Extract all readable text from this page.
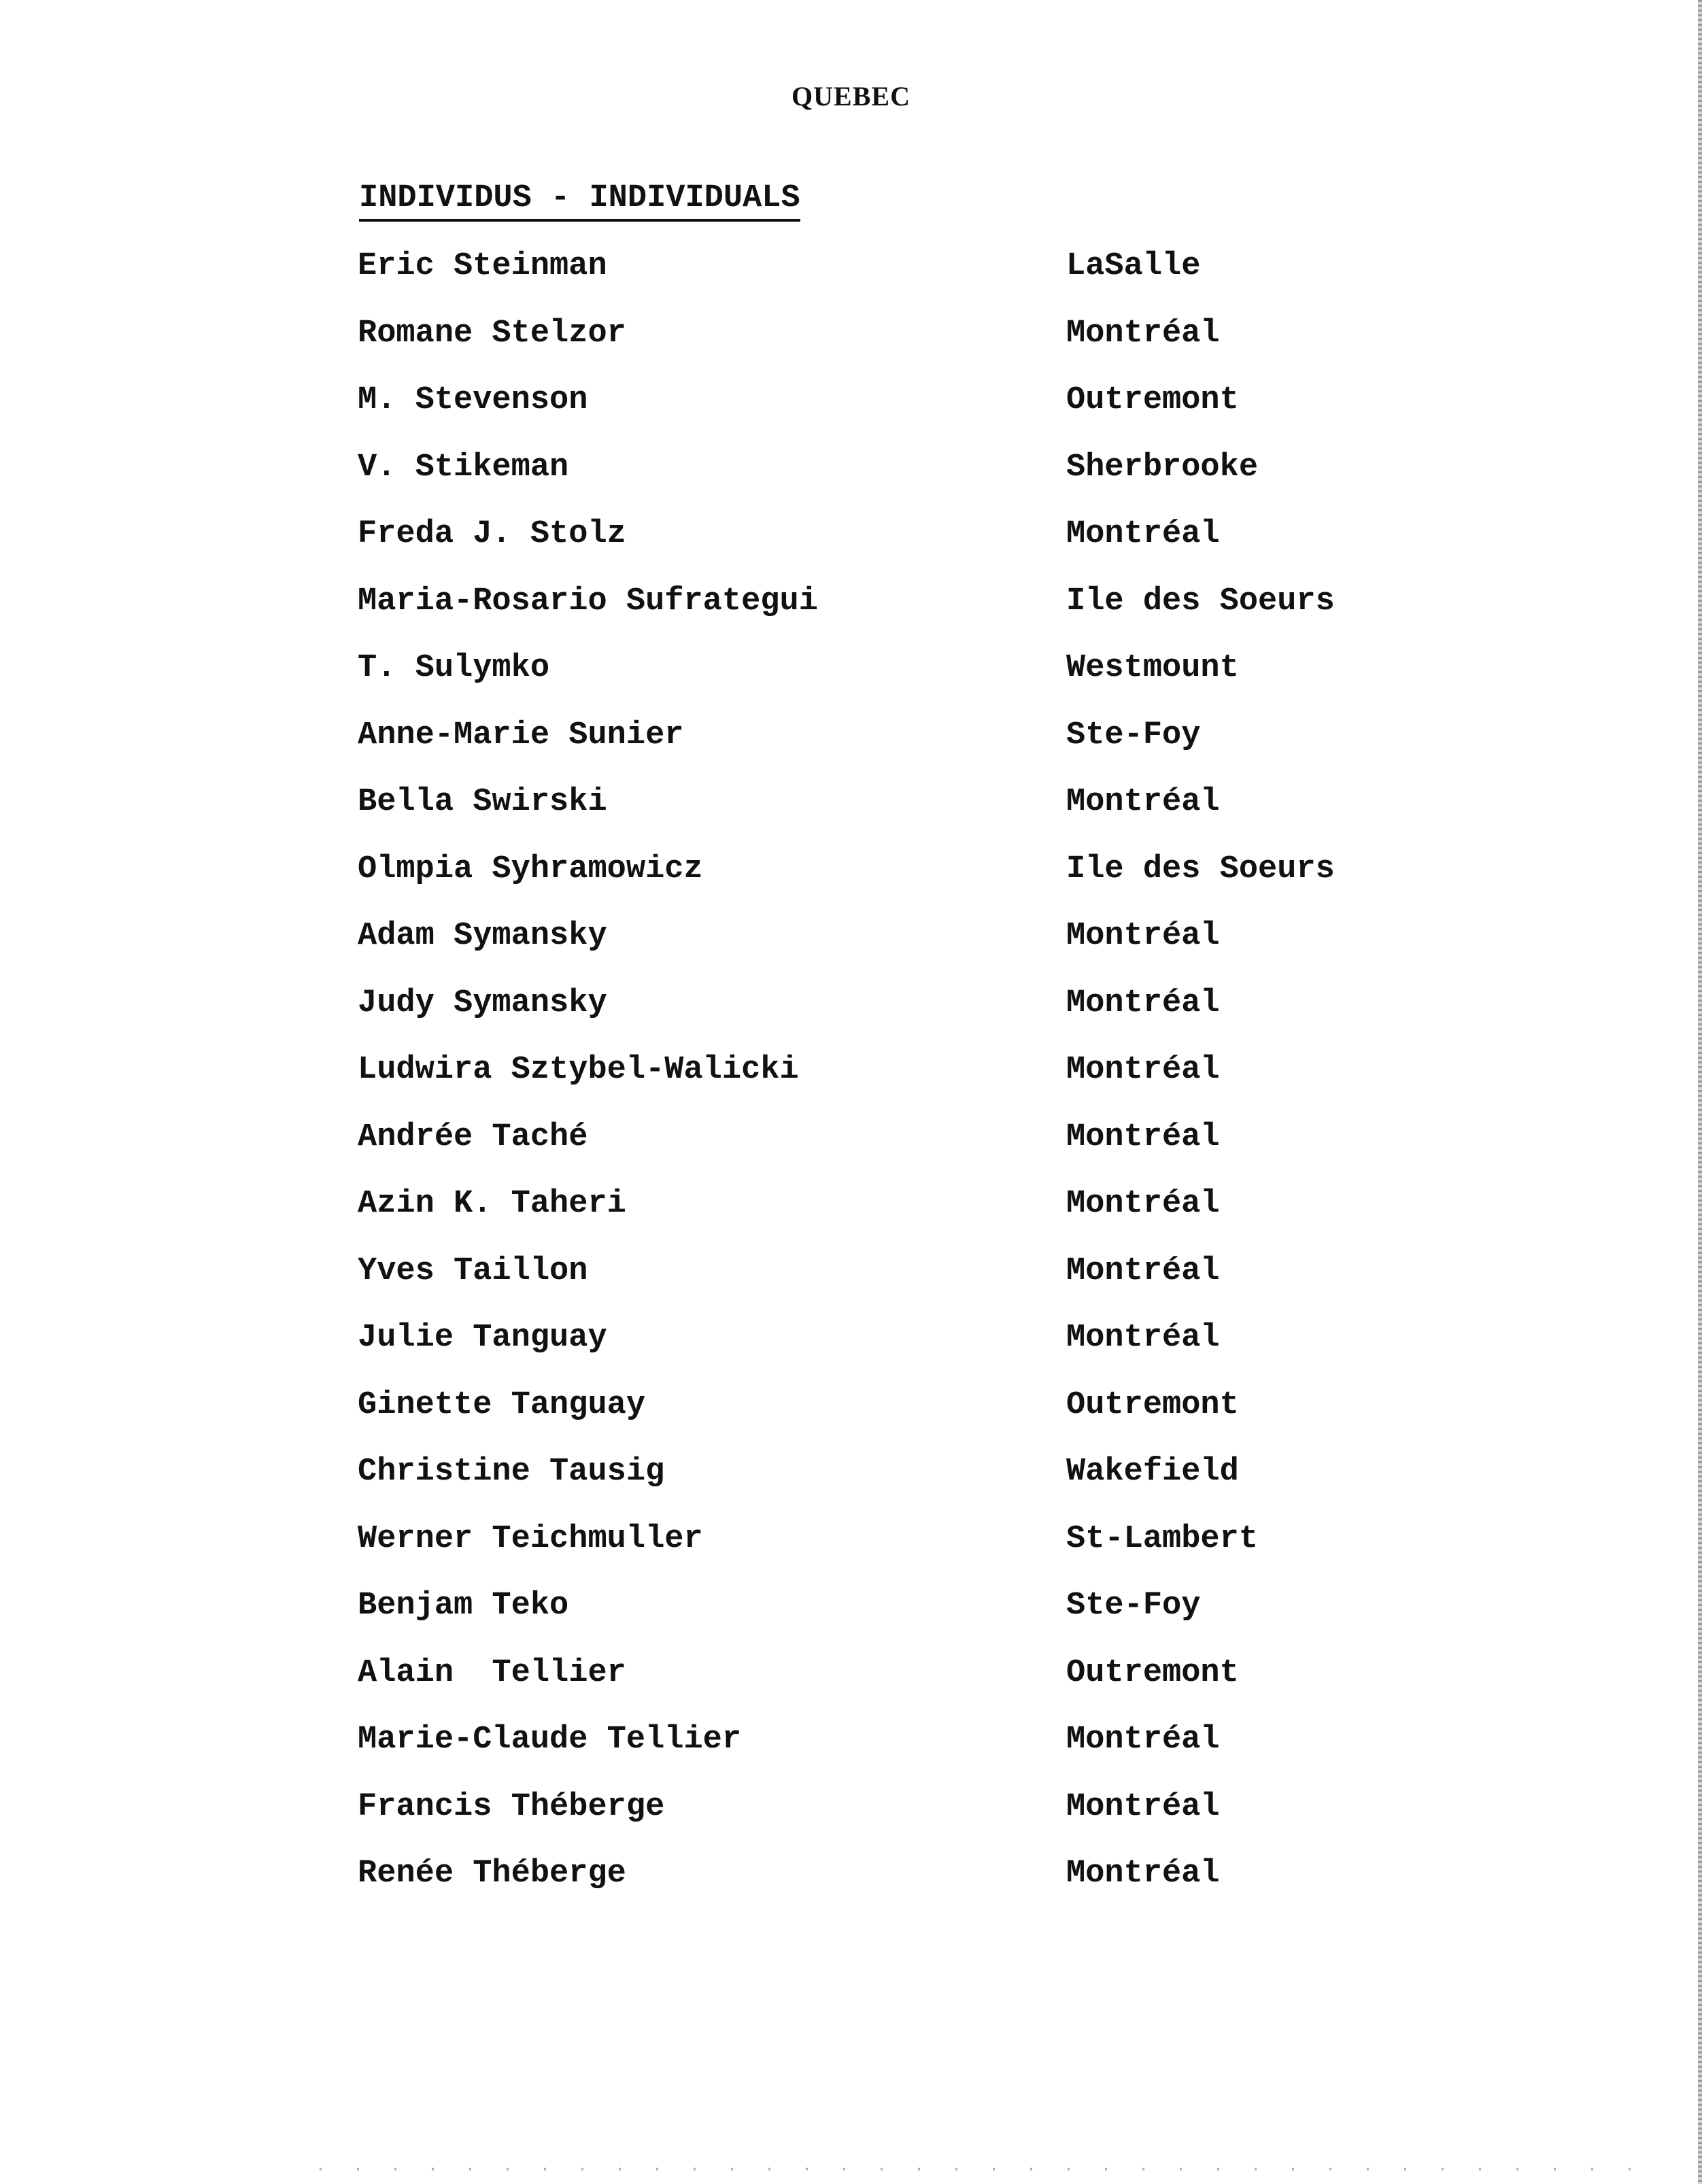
QUEBEC
INDIVIDUS - INDIVIDUALS
Eric Steinman	LaSalle
Romane Stelzor	Montréal
M. Stevenson	Outremont
V. Stikeman	Sherbrooke
Freda J. Stolz	Montréal
Maria-Rosario Sufrategui	Ile des Soeurs
T. Sulymko	Westmount
Anne-Marie Sunier	Ste-Foy
Bella Swirski	Montréal
Olmpia Syhramowicz	Ile des Soeurs
Adam Symansky	Montréal
Judy Symansky	Montréal
Ludwira Sztybel-Walicki	Montréal
Andrée Taché	Montréal
Azin K. Taheri	Montréal
Yves Taillon	Montréal
Julie Tanguay	Montréal
Ginette Tanguay	Outremont
Christine Tausig	Wakefield
Werner Teichmuller	St-Lambert
Benjam Teko	Ste-Foy
Alain  Tellier	Outremont
Marie-Claude Tellier	Montréal
Francis Théberge	Montréal
Renée Théberge	Montréal
